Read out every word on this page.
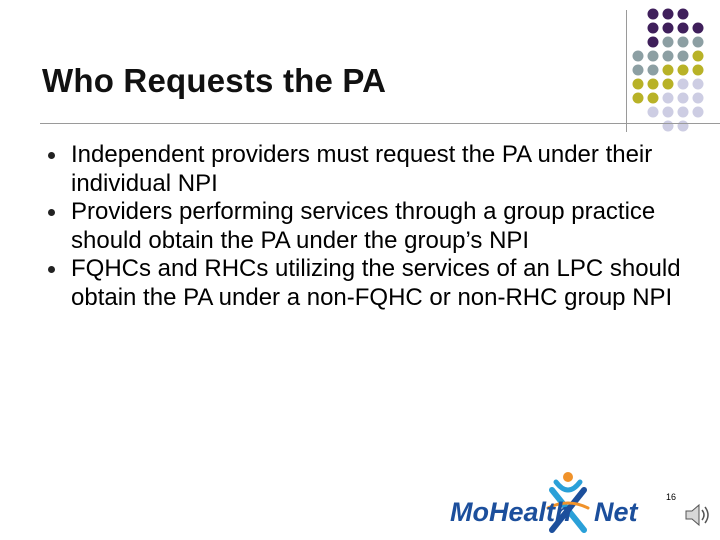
Who Requests the PA
Independent providers must request the PA under their individual NPI
Providers performing services through a group practice should obtain the PA under the group’s NPI
FQHCs and RHCs utilizing the services of an LPC should obtain the PA under a non-FQHC or non-RHC group NPI
MoHealth Net	16
